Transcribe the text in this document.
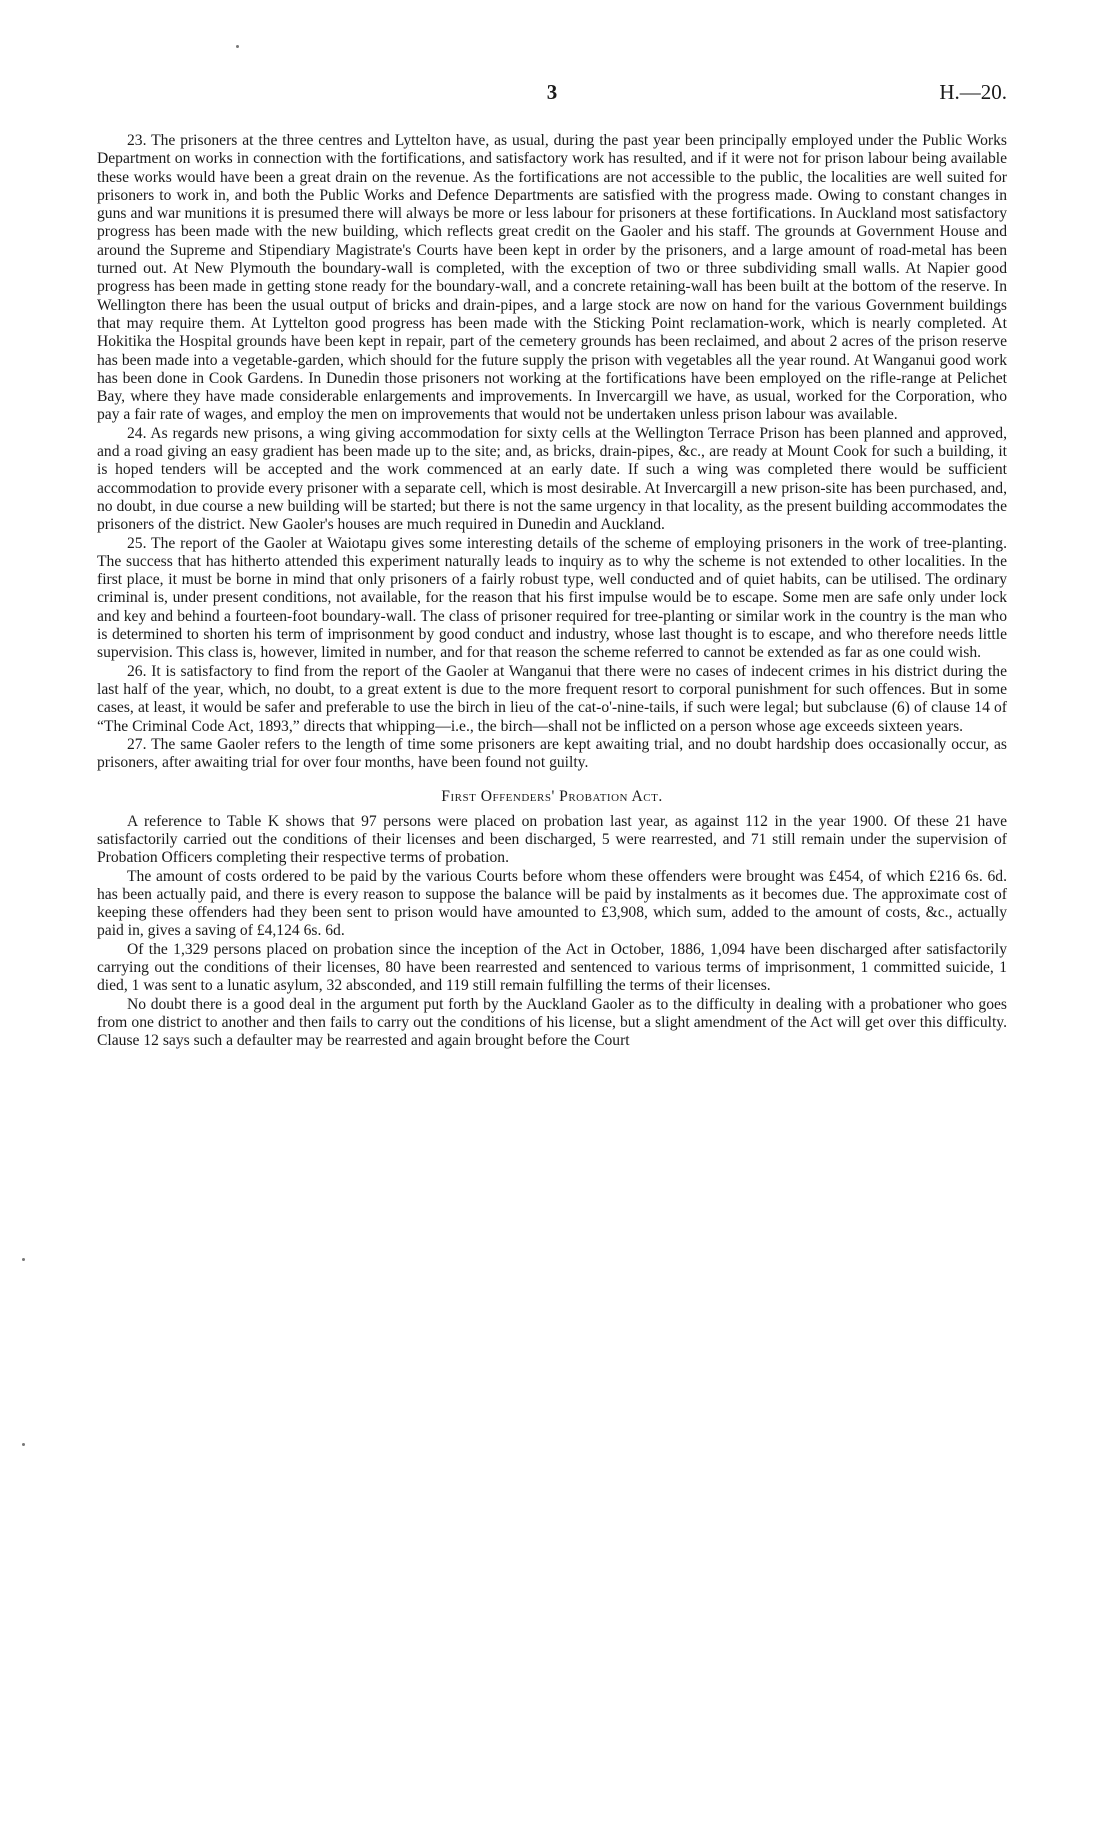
3	H.—20.

23. The prisoners at the three centres and Lyttelton have, as usual, during the past year been principally employed under the Public Works Department on works in connection with the fortifications, and satisfactory work has resulted, and if it were not for prison labour being available these works would have been a great drain on the revenue. As the fortifications are not accessible to the public, the localities are well suited for prisoners to work in, and both the Public Works and Defence Departments are satisfied with the progress made. Owing to constant changes in guns and war munitions it is presumed there will always be more or less labour for prisoners at these fortifications. In Auckland most satisfactory progress has been made with the new building, which reflects great credit on the Gaoler and his staff. The grounds at Government House and around the Supreme and Stipendiary Magistrate's Courts have been kept in order by the prisoners, and a large amount of road-metal has been turned out. At New Plymouth the boundary-wall is completed, with the exception of two or three subdividing small walls. At Napier good progress has been made in getting stone ready for the boundary-wall, and a concrete retaining-wall has been built at the bottom of the reserve. In Wellington there has been the usual output of bricks and drain-pipes, and a large stock are now on hand for the various Government buildings that may require them. At Lyttelton good progress has been made with the Sticking Point reclamation-work, which is nearly completed. At Hokitika the Hospital grounds have been kept in repair, part of the cemetery grounds has been reclaimed, and about 2 acres of the prison reserve has been made into a vegetable-garden, which should for the future supply the prison with vegetables all the year round. At Wanganui good work has been done in Cook Gardens. In Dunedin those prisoners not working at the fortifications have been employed on the rifle-range at Pelichet Bay, where they have made considerable enlargements and improvements. In Invercargill we have, as usual, worked for the Corporation, who pay a fair rate of wages, and employ the men on improvements that would not be undertaken unless prison labour was available.

24. As regards new prisons, a wing giving accommodation for sixty cells at the Wellington Terrace Prison has been planned and approved, and a road giving an easy gradient has been made up to the site; and, as bricks, drain-pipes, &c., are ready at Mount Cook for such a building, it is hoped tenders will be accepted and the work commenced at an early date. If such a wing was completed there would be sufficient accommodation to provide every prisoner with a separate cell, which is most desirable. At Invercargill a new prison-site has been purchased, and, no doubt, in due course a new building will be started; but there is not the same urgency in that locality, as the present building accommodates the prisoners of the district. New Gaoler's houses are much required in Dunedin and Auckland.

25. The report of the Gaoler at Waiotapu gives some interesting details of the scheme of employing prisoners in the work of tree-planting. The success that has hitherto attended this experiment naturally leads to inquiry as to why the scheme is not extended to other localities. In the first place, it must be borne in mind that only prisoners of a fairly robust type, well conducted and of quiet habits, can be utilised. The ordinary criminal is, under present conditions, not available, for the reason that his first impulse would be to escape. Some men are safe only under lock and key and behind a fourteen-foot boundary-wall. The class of prisoner required for tree-planting or similar work in the country is the man who is determined to shorten his term of imprisonment by good conduct and industry, whose last thought is to escape, and who therefore needs little supervision. This class is, however, limited in number, and for that reason the scheme referred to cannot be extended as far as one could wish.

26. It is satisfactory to find from the report of the Gaoler at Wanganui that there were no cases of indecent crimes in his district during the last half of the year, which, no doubt, to a great extent is due to the more frequent resort to corporal punishment for such offences. But in some cases, at least, it would be safer and preferable to use the birch in lieu of the cat-o'-nine-tails, if such were legal; but subclause (6) of clause 14 of “The Criminal Code Act, 1893,” directs that whipping—i.e., the birch—shall not be inflicted on a person whose age exceeds sixteen years.

27. The same Gaoler refers to the length of time some prisoners are kept awaiting trial, and no doubt hardship does occasionally occur, as prisoners, after awaiting trial for over four months, have been found not guilty.

First Offenders' Probation Act.

A reference to Table K shows that 97 persons were placed on probation last year, as against 112 in the year 1900. Of these 21 have satisfactorily carried out the conditions of their licenses and been discharged, 5 were rearrested, and 71 still remain under the supervision of Probation Officers completing their respective terms of probation.

The amount of costs ordered to be paid by the various Courts before whom these offenders were brought was £454, of which £216 6s. 6d. has been actually paid, and there is every reason to suppose the balance will be paid by instalments as it becomes due. The approximate cost of keeping these offenders had they been sent to prison would have amounted to £3,908, which sum, added to the amount of costs, &c., actually paid in, gives a saving of £4,124 6s. 6d.

Of the 1,329 persons placed on probation since the inception of the Act in October, 1886, 1,094 have been discharged after satisfactorily carrying out the conditions of their licenses, 80 have been rearrested and sentenced to various terms of imprisonment, 1 committed suicide, 1 died, 1 was sent to a lunatic asylum, 32 absconded, and 119 still remain fulfilling the terms of their licenses.

No doubt there is a good deal in the argument put forth by the Auckland Gaoler as to the difficulty in dealing with a probationer who goes from one district to another and then fails to carry out the conditions of his license, but a slight amendment of the Act will get over this difficulty. Clause 12 says such a defaulter may be rearrested and again brought before the Court
